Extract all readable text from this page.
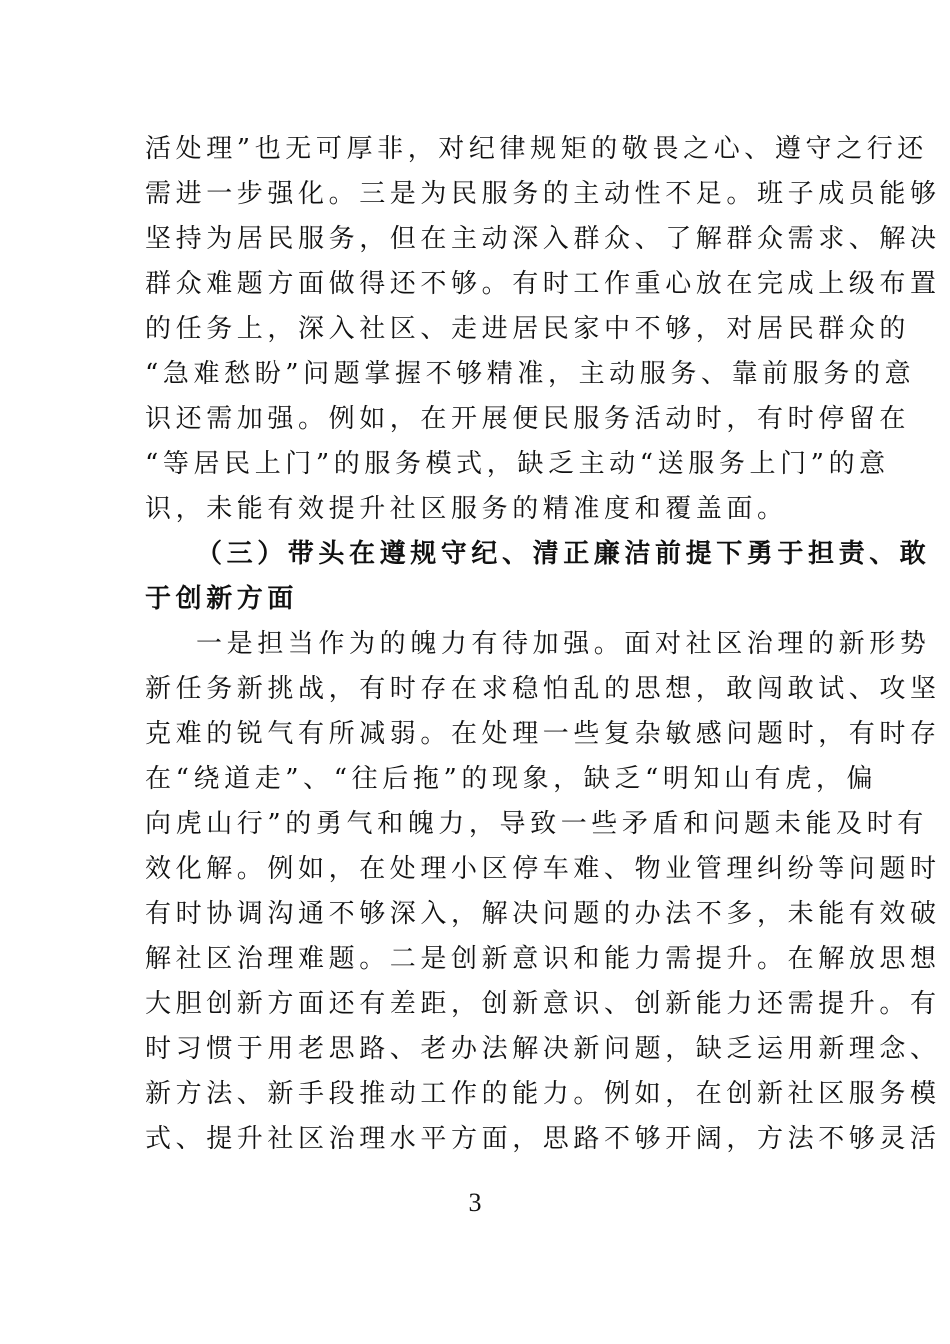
活处理”也无可厚非，对纪律规矩的敬畏之心、遵守之行还
需进一步强化。三是为民服务的主动性不足。班子成员能够
坚持为居民服务，但在主动深入群众、了解群众需求、解决
群众难题方面做得还不够。有时工作重心放在完成上级布置
的任务上，深入社区、走进居民家中不够，对居民群众的
“急难愁盼”问题掌握不够精准，主动服务、靠前服务的意
识还需加强。例如，在开展便民服务活动时，有时停留在
“等居民上门”的服务模式，缺乏主动“送服务上门”的意
识，未能有效提升社区服务的精准度和覆盖面。
（三）带头在遵规守纪、清正廉洁前提下勇于担责、敢
于创新方面
一是担当作为的魄力有待加强。面对社区治理的新形势
新任务新挑战，有时存在求稳怕乱的思想，敢闯敢试、攻坚
克难的锐气有所减弱。在处理一些复杂敏感问题时，有时存
在“绕道走”、“往后拖”的现象，缺乏“明知山有虎，偏
向虎山行”的勇气和魄力，导致一些矛盾和问题未能及时有
效化解。例如，在处理小区停车难、物业管理纠纷等问题时
有时协调沟通不够深入，解决问题的办法不多，未能有效破
解社区治理难题。二是创新意识和能力需提升。在解放思想
大胆创新方面还有差距，创新意识、创新能力还需提升。有
时习惯于用老思路、老办法解决新问题，缺乏运用新理念、
新方法、新手段推动工作的能力。例如，在创新社区服务模
式、提升社区治理水平方面，思路不够开阔，方法不够灵活
3
